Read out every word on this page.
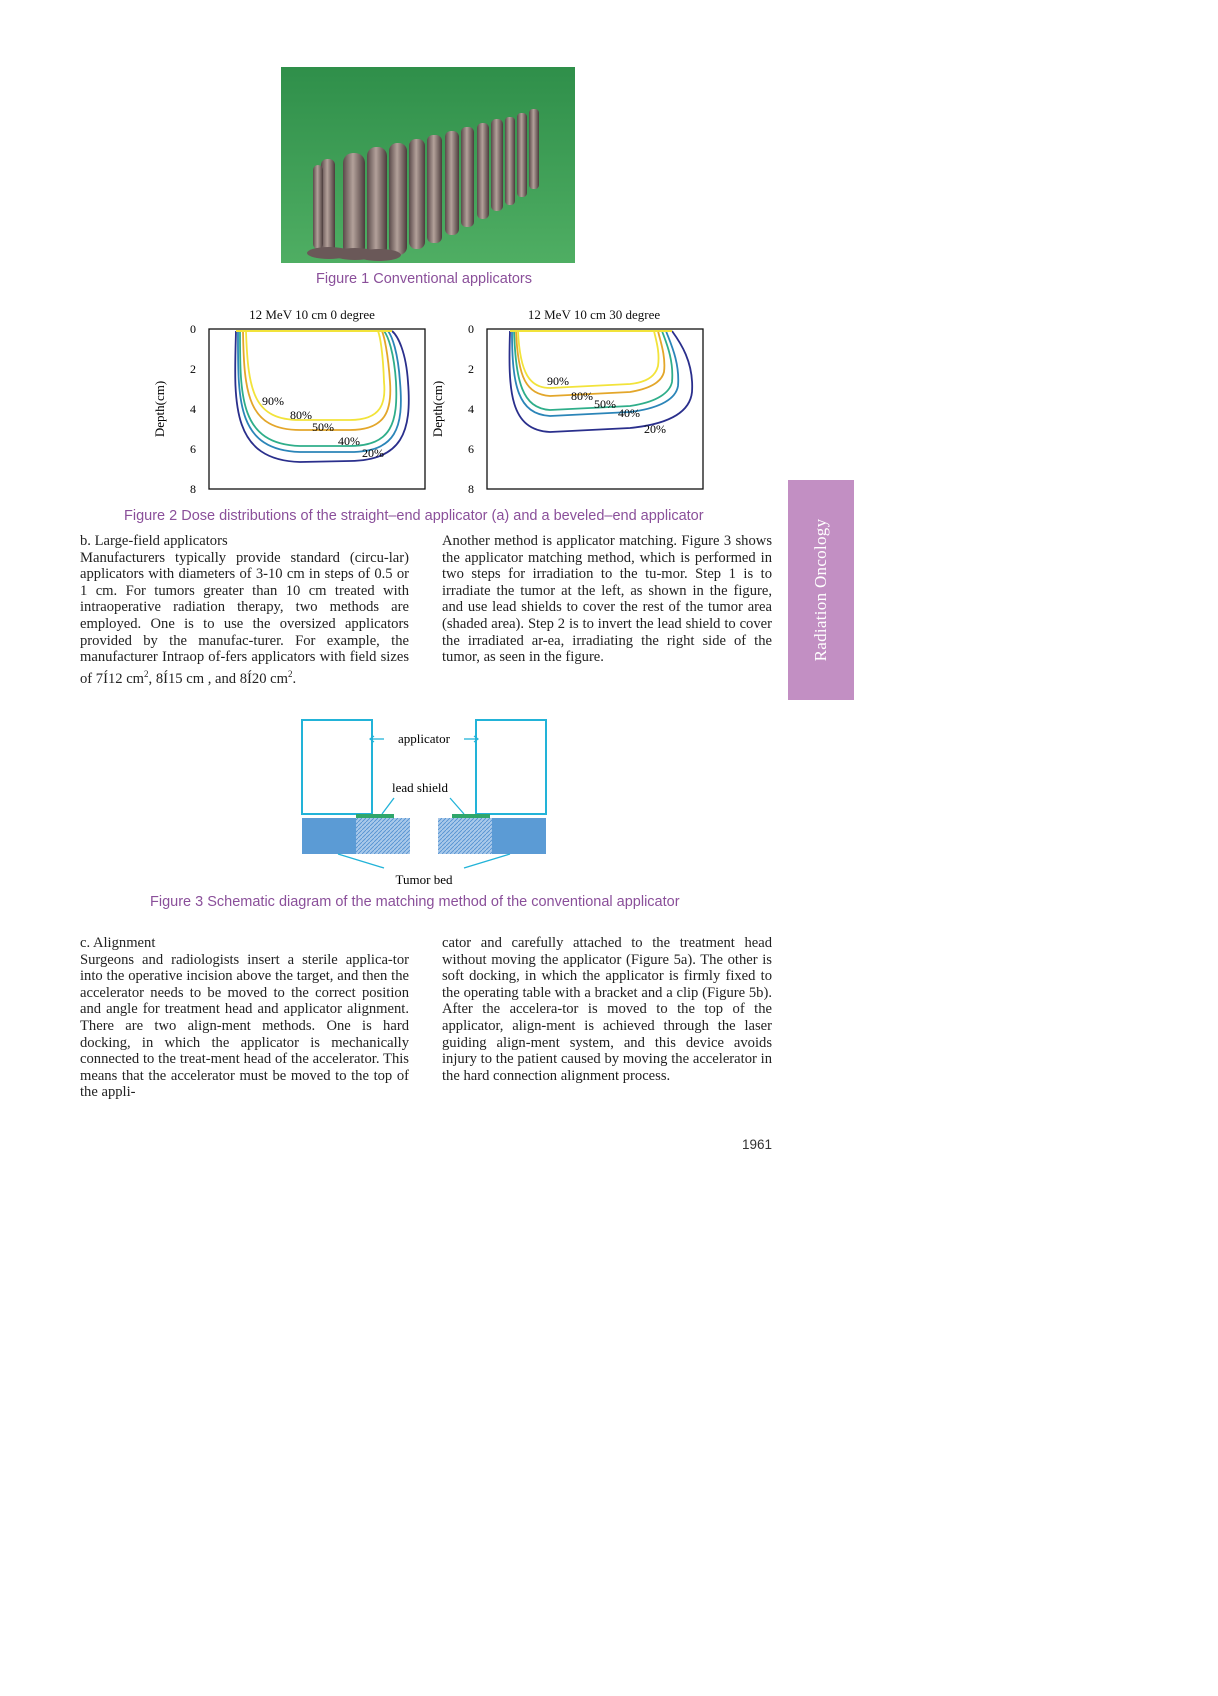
Figure 1 Conventional applicators
12 MeV 10 cm 0 degree
0
2
4
6
8
Depth(cm)	90%
80%
50%
40%
20%
12 MeV 10 cm 30 degree
0
2
4
6
8
Depth(cm)	90%
80%
50%
40%
20%
Figure 2 Dose distributions of the straight–end applicator (a) and a beveled–end applicator
Radiation Oncology
b. Large-field applicators
Manufacturers typically provide standard (circu-lar) applicators with diameters of 3-10 cm in steps of 0.5 or 1 cm. For tumors greater than 10 cm treated with intraoperative radiation therapy, two methods are employed. One is to use the oversized applicators provided by the manufac-turer. For example, the manufacturer Intraop of-fers applicators with field sizes of 7Í12 $cm^2$, 8Í15 cm , and 8Í20 $cm^2$.
Another method is applicator matching. Figure 3 shows the applicator matching method, which is performed in two steps for irradiation to the tu-mor. Step 1 is to irradiate the tumor at the left, as shown in the figure, and use lead shields to cover the rest of the tumor area (shaded area). Step 2 is to invert the lead shield to cover the irradiated ar-ea, irradiating the right side of the tumor, as seen in the figure.
applicator
lead shield
Tumor bed
Figure 3 Schematic diagram of the matching method of the conventional applicator
c. Alignment
Surgeons and radiologists insert a sterile applica-tor into the operative incision above the target, and then the accelerator needs to be moved to the correct position and angle for treatment head and applicator alignment. There are two align-ment methods. One is hard docking, in which the applicator is mechanically connected to the treat-ment head of the accelerator. This means that the accelerator must be moved to the top of the appli-
cator and carefully attached to the treatment head without moving the applicator (Figure 5a). The other is soft docking, in which the applicator is firmly fixed to the operating table with a bracket and a clip (Figure 5b). After the accelera-tor is moved to the top of the applicator, align-ment is achieved through the laser guiding align-ment system, and this device avoids injury to the patient caused by moving the accelerator in the hard connection alignment process.
1961
